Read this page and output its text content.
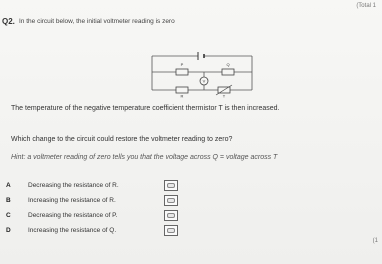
(Total 1
Q2. In the circuit below, the initial voltmeter reading is zero
P	Q
V
R	T
The temperature of the negative temperature coefficient thermistor T is then increased.
Which change to the circuit could restore the voltmeter reading to zero?
Hint: a voltmeter reading of zero tells you that the voltage across Q = voltage across T
A	Decreasing the resistance of R.
B	Increasing the resistance of R.
C	Decreasing the resistance of P.
D	Increasing the resistance of Q.
(1
